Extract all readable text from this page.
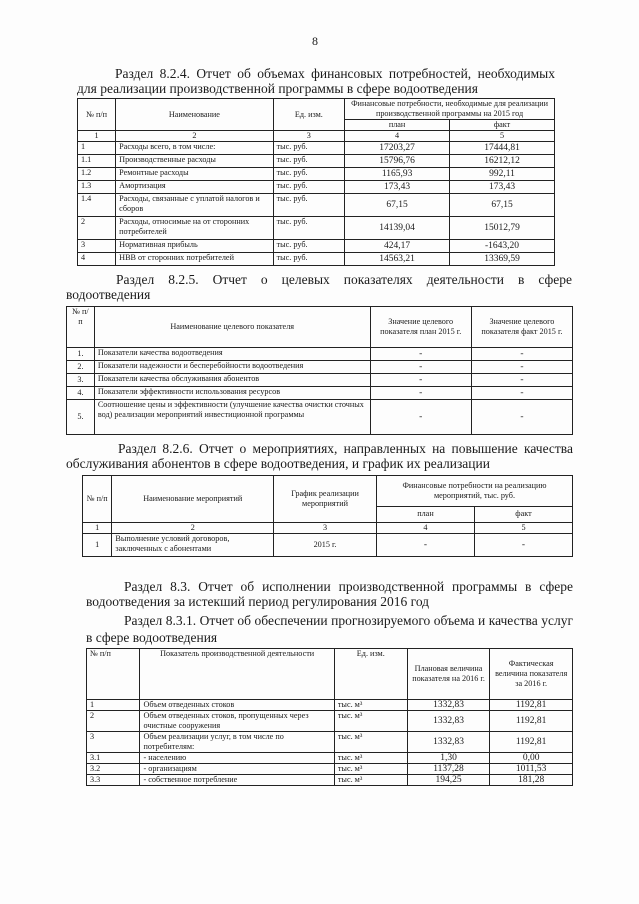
8
Раздел 8.2.4. Отчет об объемах финансовых потребностей, необходимых для реализации производственной программы в сфере водоотведения
№ п/п	Наименование	Ед. изм.	Финансовые потребности, необходимые для реализации производственной программы на 2015 год	
			план	факт
1	2	3	4	5
1	Расходы всего, в том числе:	тыс. руб.	17203,27	17444,81
1.1	Производственные расходы	тыс. руб.	15796,76	16212,12
1.2	Ремонтные расходы	тыс. руб.	1165,93	992,11
1.3	Амортизация	тыс. руб.	173,43	173,43
1.4	Расходы, связанные с уплатой налогов и сборов	тыс. руб.	67,15	67,15
2	Расходы, относимые на от сторонних потребителей	тыс. руб.	14139,04	15012,79
3	Нормативная прибыль	тыс. руб.	424,17	-1643,20
4	НВВ от сторонних потребителей	тыс. руб.	14563,21	13369,59
Раздел 8.2.5. Отчет о целевых показателях деятельности в сфере водоотведения
№ п/п	Наименование целевого показателя	Значение целевого показателя план 2015 г.	Значение целевого показателя факт 2015 г.
1.	Показатели качества водоотведения	-	-
2.	Показатели надежности и бесперебойности водоотведения	-	-
3.	Показатели качества обслуживания абонентов	-	-
4.	Показатели эффективности использования ресурсов	-	-
5.	Соотношение цены и эффективности (улучшение качества очистки сточных вод) реализации мероприятий инвестиционной программы	-	-
Раздел 8.2.6. Отчет о мероприятиях, направленных на повышение качества обслуживания абонентов в сфере водоотведения, и график их реализации
№ п/п	Наименование мероприятий	График реализации мероприятий	Финансовые потребности на реализацию мероприятий, тыс. руб.	
			план	факт
1	2	3	4	5
1	Выполнение условий договоров, заключенных с абонентами	2015 г.	-	-
Раздел 8.3. Отчет об исполнении производственной программы в сфере водоотведения за истекший период регулирования 2016 год
Раздел 8.3.1. Отчет об обеспечении прогнозируемого объема и качества услуг в сфере водоотведения
№ п/п	Показатель производственной деятельности	Ед. изм.	Плановая величина показателя на 2016 г.	Фактическая величина показателя за 2016 г.
1	Объем отведенных стоков	тыс. м³	1332,83	1192,81
2	Объем отведенных стоков, пропущенных через очистные сооружения	тыс. м³	1332,83	1192,81
3	Объем реализации услуг, в том числе по потребителям:	тыс. м³	1332,83	1192,81
3.1	- населению	тыс. м³	1,30	0,00
3.2	- организациям	тыс. м³	1137,28	1011,53
3.3	- собственное потребление	тыс. м³	194,25	181,28
